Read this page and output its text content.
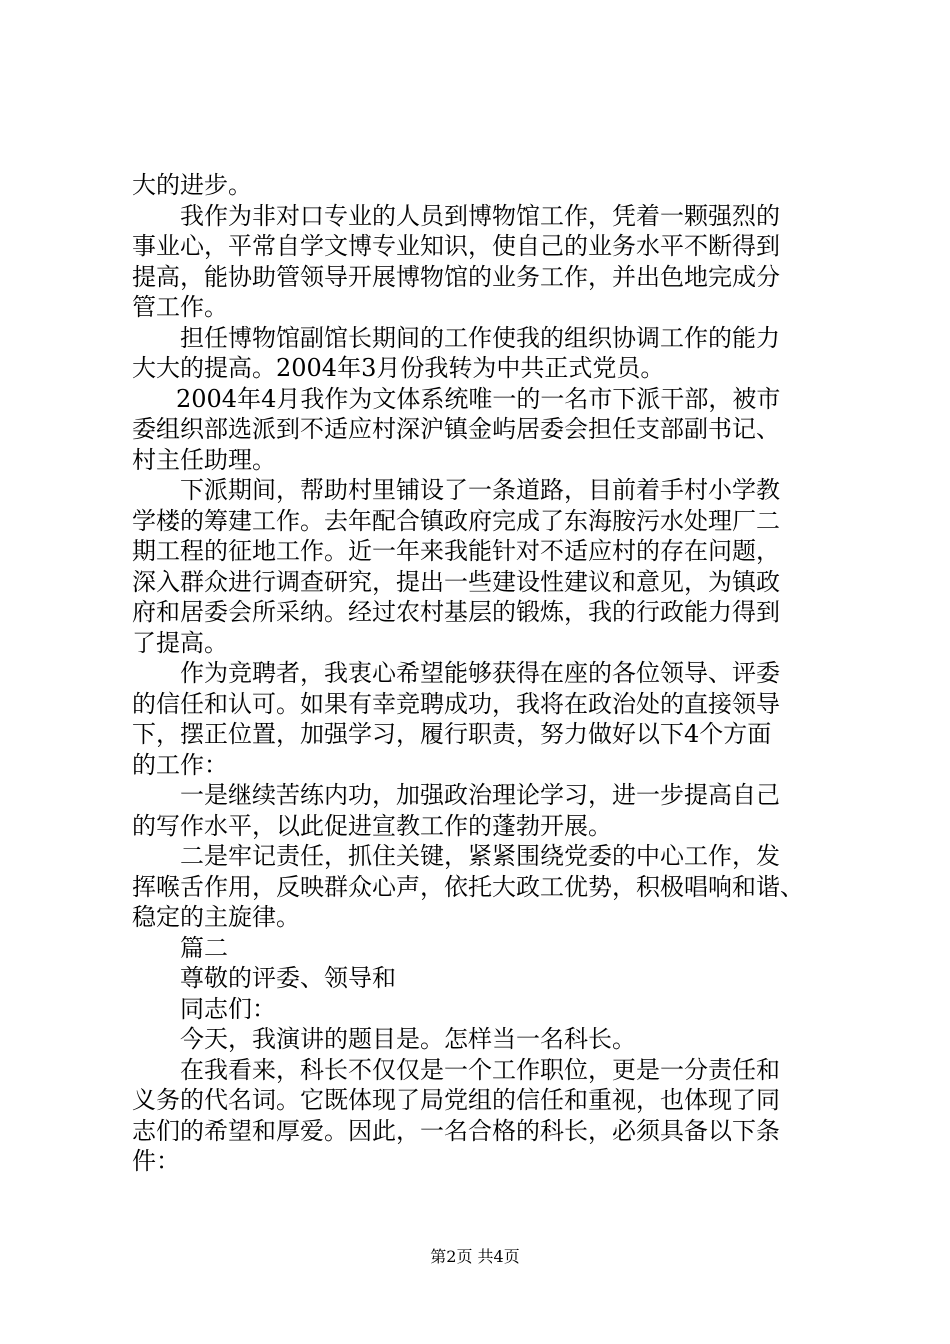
大的进步。
我作为非对口专业的人员到博物馆工作，凭着一颗强烈的
事业心，平常自学文博专业知识，使自己的业务水平不断得到
提高，能协助管领导开展博物馆的业务工作，并出色地完成分
管工作。
担任博物馆副馆长期间的工作使我的组织协调工作的能力
大大的提高。2004年3月份我转为中共正式党员。
2004年4月我作为文体系统唯一的一名市下派干部，被市
委组织部选派到不适应村深沪镇金屿居委会担任支部副书记、
村主任助理。
下派期间，帮助村里铺设了一条道路，目前着手村小学教
学楼的筹建工作。去年配合镇政府完成了东海胺污水处理厂二
期工程的征地工作。近一年来我能针对不适应村的存在问题，
深入群众进行调查研究，提出一些建设性建议和意见，为镇政
府和居委会所采纳。经过农村基层的锻炼，我的行政能力得到
了提高。
作为竞聘者，我衷心希望能够获得在座的各位领导、评委
的信任和认可。如果有幸竞聘成功，我将在政治处的直接领导
下，摆正位置，加强学习，履行职责，努力做好以下4个方面
的工作：
一是继续苦练内功，加强政治理论学习，进一步提高自己
的写作水平，以此促进宣教工作的蓬勃开展。
二是牢记责任，抓住关键，紧紧围绕党委的中心工作，发
挥喉舌作用，反映群众心声，依托大政工优势，积极唱响和谐、
稳定的主旋律。
篇二
尊敬的评委、领导和
同志们：
今天，我演讲的题目是。怎样当一名科长。
在我看来，科长不仅仅是一个工作职位，更是一分责任和
义务的代名词。它既体现了局党组的信任和重视，也体现了同
志们的希望和厚爱。因此，一名合格的科长，必须具备以下条
件：
第2页 共4页
